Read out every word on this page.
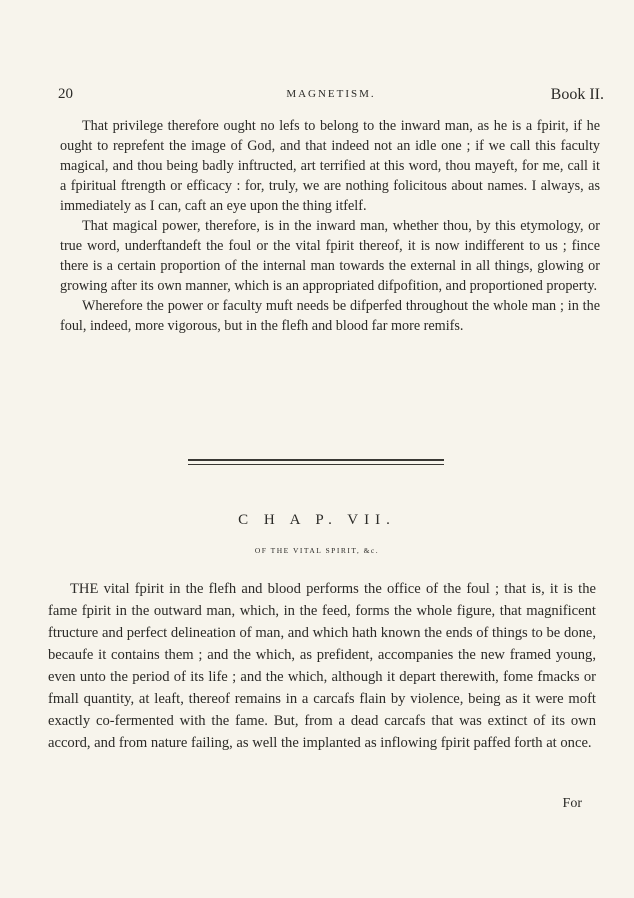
20	MAGNETISM.	Book II.

That privilege therefore ought no lefs to belong to the inward man, as he is a fpirit, if he ought to reprefent the image of God, and that indeed not an idle one ; if we call this faculty magical, and thou being badly inftructed, art terrified at this word, thou mayeft, for me, call it a fpiritual ftrength or efficacy : for, truly, we are nothing folicitous about names. I always, as immediately as I can, caft an eye upon the thing itfelf.

That magical power, therefore, is in the inward man, whether thou, by this etymology, or true word, underftandeft the foul or the vital fpirit thereof, it is now indifferent to us ; fince there is a certain proportion of the internal man towards the external in all things, glowing or growing after its own manner, which is an appropriated difpofition, and proportioned property.

Wherefore the power or faculty muft needs be difperfed throughout the whole man ; in the foul, indeed, more vigorous, but in the flefh and blood far more remifs.

C H A P. VII.
OF THE VITAL SPIRIT, &c.

THE vital fpirit in the flefh and blood performs the office of the foul ; that is, it is the fame fpirit in the outward man, which, in the feed, forms the whole figure, that magnificent ftructure and perfect delineation of man, and which hath known the ends of things to be done, becaufe it contains them ; and the which, as prefident, accompanies the new framed young, even unto the period of its life ; and the which, although it depart therewith, fome fmacks or fmall quantity, at leaft, thereof remains in a carcafs flain by violence, being as it were moft exactly co-fermented with the fame. But, from a dead carcafs that was extinct of its own accord, and from nature failing, as well the implanted as inflowing fpirit paffed forth at once.

For
